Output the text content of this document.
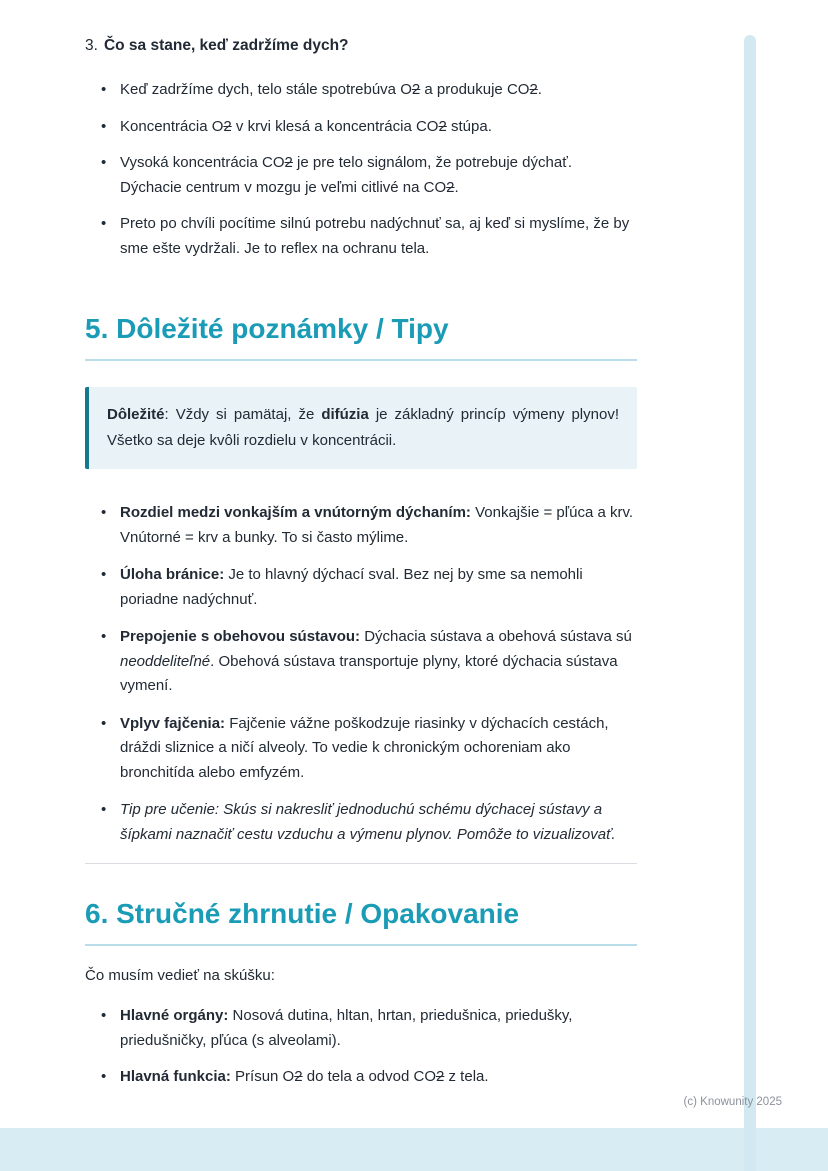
3. Čo sa stane, keď zadržíme dych?
• Keď zadržíme dych, telo stále spotrebúva O2 a produkuje CO2.
• Koncentrácia O2 v krvi klesá a koncentrácia CO2 stúpa.
• Vysoká koncentrácia CO2 je pre telo signálom, že potrebuje dýchať. Dýchacie centrum v mozgu je veľmi citlivé na CO2.
• Preto po chvíli pocítime silnú potrebu nadýchnuť sa, aj keď si myslíme, že by sme ešte vydržali. Je to reflex na ochranu tela.
5. Dôležité poznámky / Tipy

Dôležité: Vždy si pamätaj, že difúzia je základný princíp výmeny plynov! Všetko sa deje kvôli rozdielu v koncentrácii.

• Rozdiel medzi vonkajším a vnútorným dýchaním: Vonkajšie = pľúca a krv. Vnútorné = krv a bunky. To si často mýlime.
• Úloha bránice: Je to hlavný dýchací sval. Bez nej by sme sa nemohli poriadne nadýchnuť.
• Prepojenie s obehovou sústavou: Dýchacia sústava a obehová sústava sú neoddeliteľné. Obehová sústava transportuje plyny, ktoré dýchacia sústava vymení.
• Vplyv fajčenia: Fajčenie vážne poškodzuje riasinky v dýchacích cestách, dráždi sliznice a ničí alveoly. To vedie k chronickým ochoreniam ako bronchitída alebo emfyzém.
• Tip pre učenie: Skús si nakresliť jednoduchú schému dýchacej sústavy a šípkami naznačiť cestu vzduchu a výmenu plynov. Pomôže to vizualizovať.
6. Stručné zhrnutie / Opakovanie

Čo musím vedieť na skúšku:

• Hlavné orgány: Nosová dutina, hltan, hrtan, priedušnica, priedušky, priedušničky, pľúca (s alveolami).
• Hlavná funkcia: Prísun O2 do tela a odvod CO2 z tela.
(c) Knowunity 2025
